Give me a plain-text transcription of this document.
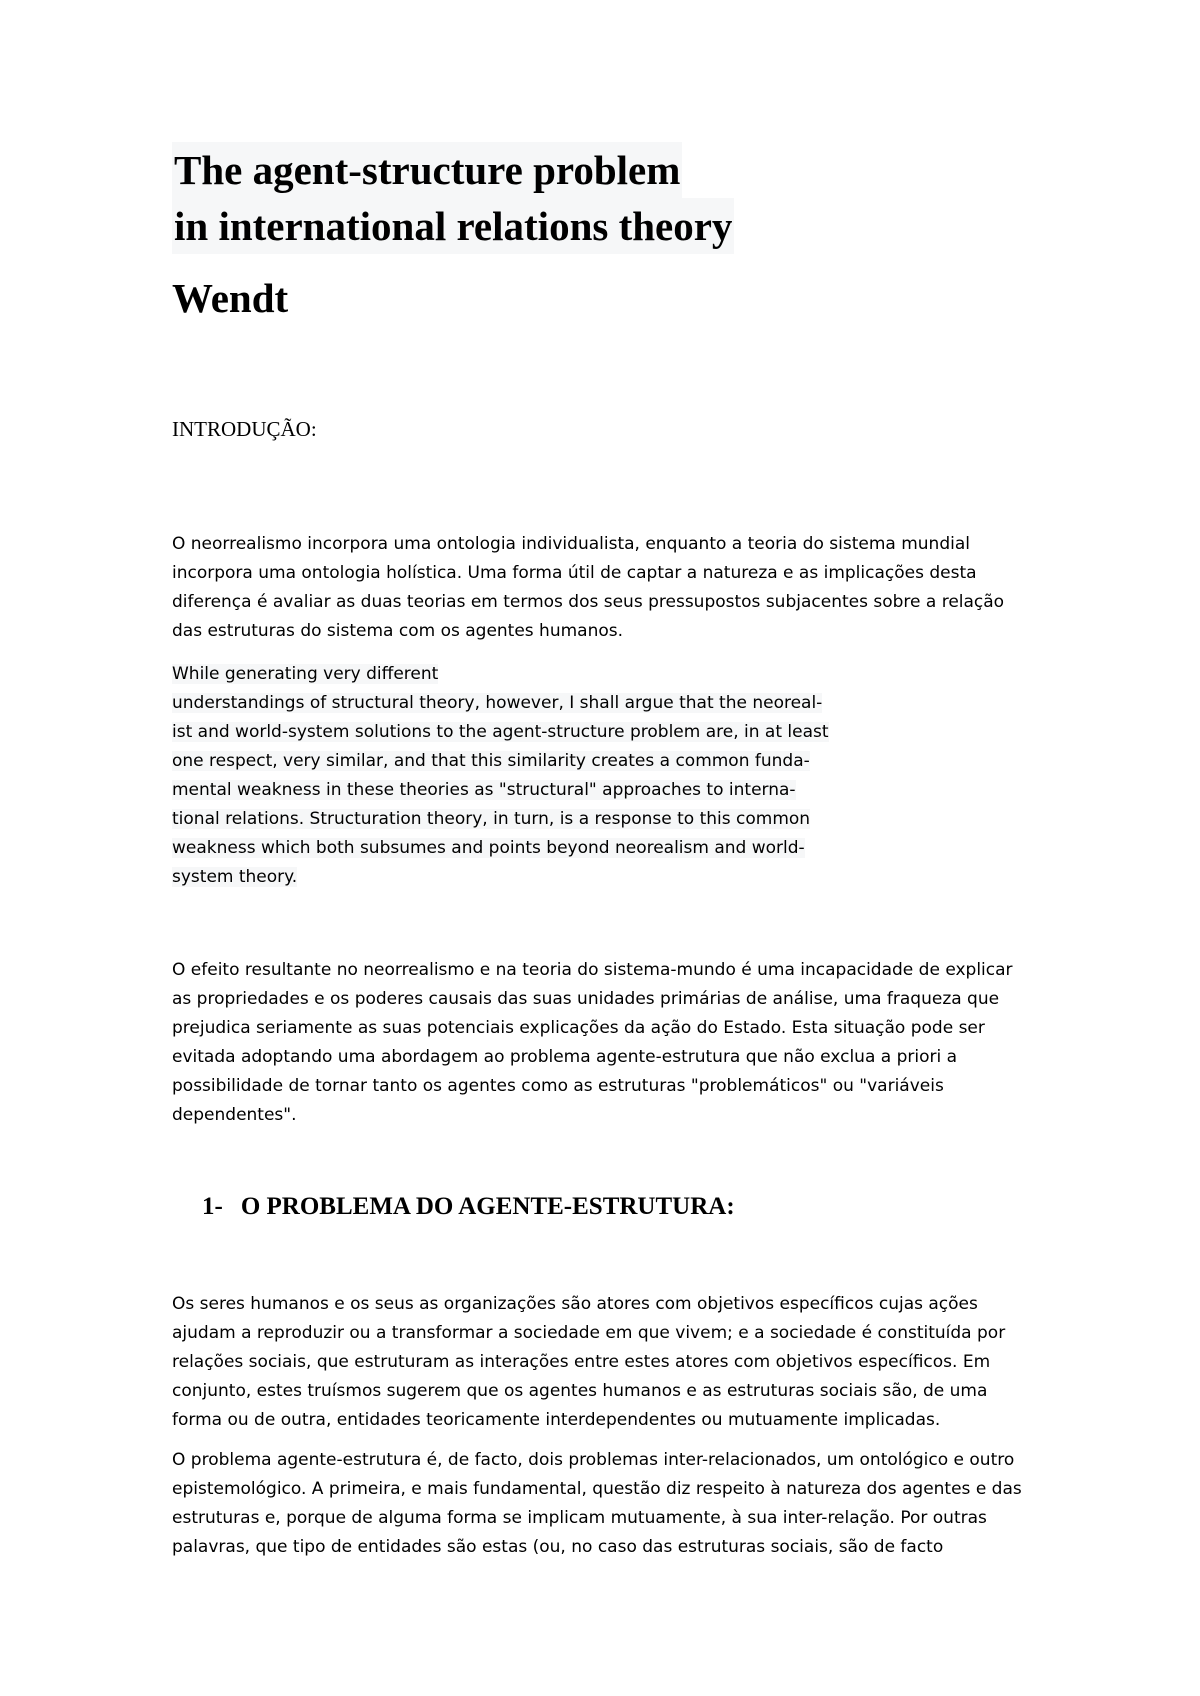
The agent-structure problem
in international relations theory
Wendt
INTRODUÇÃO:
O neorrealismo incorpora uma ontologia individualista, enquanto a teoria do sistema mundial
incorpora uma ontologia holística. Uma forma útil de captar a natureza e as implicações desta
diferença é avaliar as duas teorias em termos dos seus pressupostos subjacentes sobre a relação
das estruturas do sistema com os agentes humanos.
While generating very different
understandings of structural theory, however, I shall argue that the neoreal-
ist and world-system solutions to the agent-structure problem are, in at least
one respect, very similar, and that this similarity creates a common funda-
mental weakness in these theories as "structural" approaches to interna-
tional relations. Structuration theory, in turn, is a response to this common
weakness which both subsumes and points beyond neorealism and world-
system theory.
O efeito resultante no neorrealismo e na teoria do sistema-mundo é uma incapacidade de explicar
as propriedades e os poderes causais das suas unidades primárias de análise, uma fraqueza que
prejudica seriamente as suas potenciais explicações da ação do Estado. Esta situação pode ser
evitada adoptando uma abordagem ao problema agente-estrutura que não exclua a priori a
possibilidade de tornar tanto os agentes como as estruturas "problemáticos" ou "variáveis
dependentes".
1- O PROBLEMA DO AGENTE-ESTRUTURA:
Os seres humanos e os seus as organizações são atores com objetivos específicos cujas ações
ajudam a reproduzir ou a transformar a sociedade em que vivem; e a sociedade é constituída por
relações sociais, que estruturam as interações entre estes atores com objetivos específicos. Em
conjunto, estes truísmos sugerem que os agentes humanos e as estruturas sociais são, de uma
forma ou de outra, entidades teoricamente interdependentes ou mutuamente implicadas.
O problema agente-estrutura é, de facto, dois problemas inter-relacionados, um ontológico e outro
epistemológico. A primeira, e mais fundamental, questão diz respeito à natureza dos agentes e das
estruturas e, porque de alguma forma se implicam mutuamente, à sua inter-relação. Por outras
palavras, que tipo de entidades são estas (ou, no caso das estruturas sociais, são de facto
